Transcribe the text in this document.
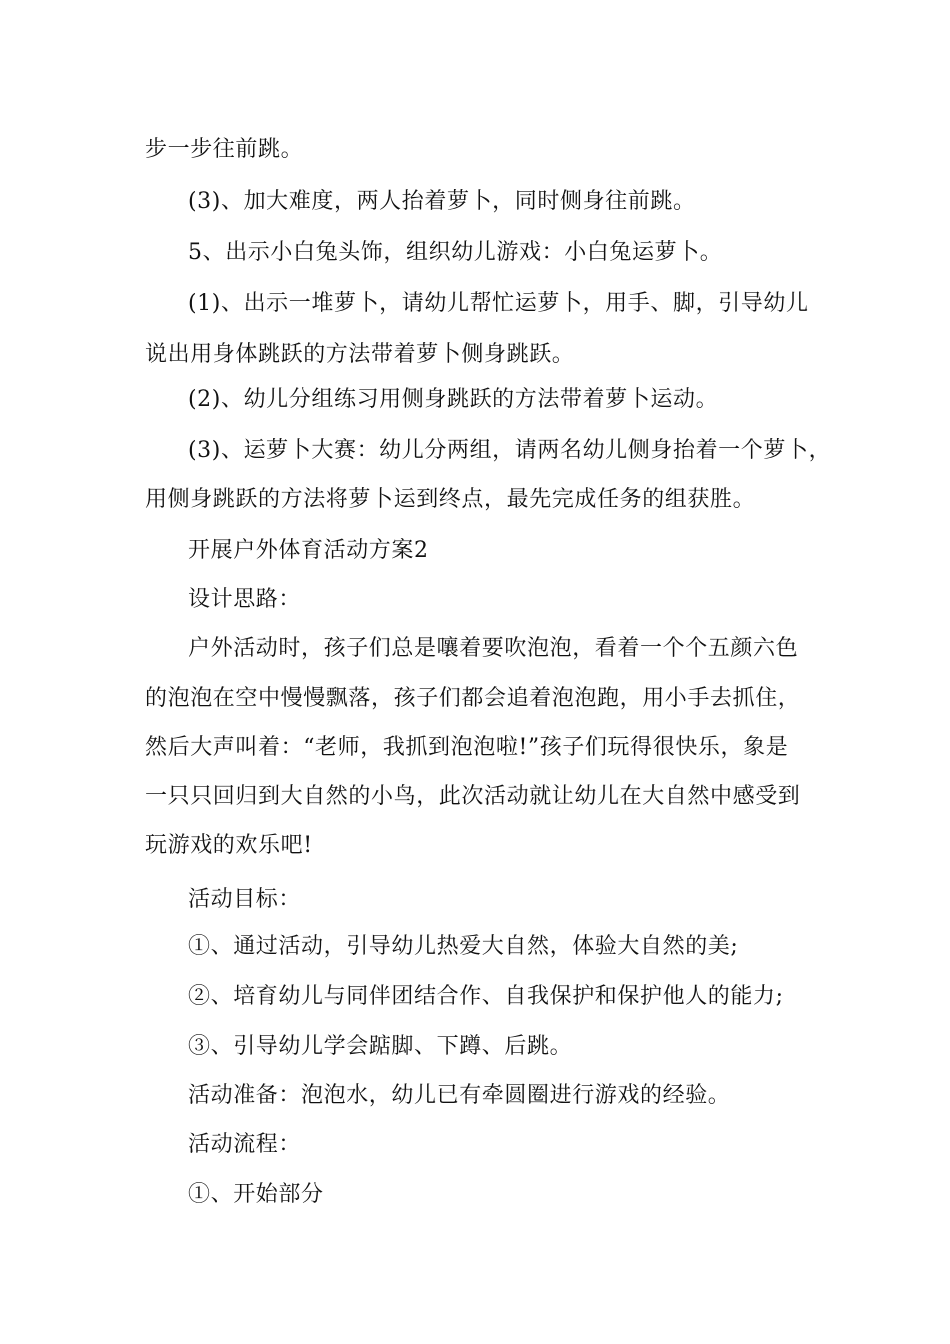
步一步往前跳。
(3)、加大难度，两人抬着萝卜，同时侧身往前跳。
5、出示小白兔头饰，组织幼儿游戏：小白兔运萝卜。
(1)、出示一堆萝卜，请幼儿帮忙运萝卜，用手、脚，引导幼儿
说出用身体跳跃的方法带着萝卜侧身跳跃。
(2)、幼儿分组练习用侧身跳跃的方法带着萝卜运动。
(3)、运萝卜大赛：幼儿分两组，请两名幼儿侧身抬着一个萝卜，
用侧身跳跃的方法将萝卜运到终点，最先完成任务的组获胜。
开展户外体育活动方案2
设计思路：
户外活动时，孩子们总是嚷着要吹泡泡，看着一个个五颜六色
的泡泡在空中慢慢飘落，孩子们都会追着泡泡跑，用小手去抓住，
然后大声叫着：“老师，我抓到泡泡啦!”孩子们玩得很快乐，象是
一只只回归到大自然的小鸟，此次活动就让幼儿在大自然中感受到
玩游戏的欢乐吧!
活动目标：
①、通过活动，引导幼儿热爱大自然，体验大自然的美;
②、培育幼儿与同伴团结合作、自我保护和保护他人的能力;
③、引导幼儿学会踮脚、下蹲、后跳。
活动准备：泡泡水，幼儿已有牵圆圈进行游戏的经验。
活动流程：
①、开始部分
